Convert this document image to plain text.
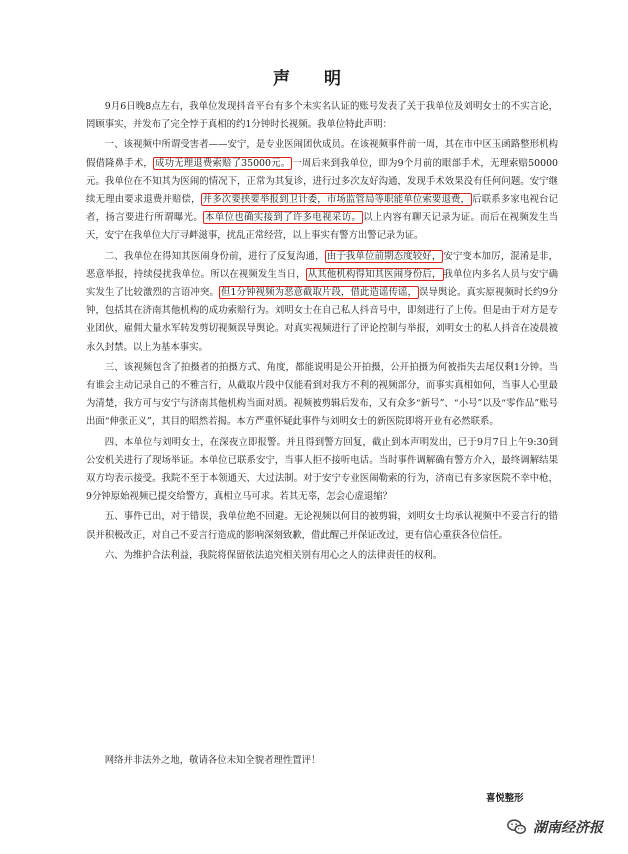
声 明

9月6日晚8点左右，我单位发现抖音平台有多个未实名认证的账号发表了关于我单位及刘明女士的不实言论，罔顾事实，并发布了完全悖于真相的约1分钟时长视频。我单位特此声明：

一、该视频中所谓受害者——安宁，是专业医闹团伙成员。在该视频事件前一周，其在市中区玉函路整形机构假借隆鼻手术， 成功无理退费索赔了35000元。 一周后来到我单位，即为9个月前的眼部手术，无理索赔50000元。我单位在不知其为医闹的情况下，正常为其复诊，进行过多次友好沟通，发现手术效果没有任何问题。安宁继续无理由要求退费并赔偿， 并多次要挟要举报到卫计委，市场监管局等职能单位索要退费， 后联系多家电视台记者，扬言要进行所谓曝光。 本单位也确实接到了许多电视采访。 以上内容有聊天记录为证。而后在视频发生当天，安宁在我单位大厅寻衅滋事，扰乱正常经营，以上事实有警方出警记录为证。

二、我单位在得知其医闹身份前，进行了反复沟通， 由于我单位前期态度较好， 安宁变本加厉，混淆是非，恶意举报，持续侵扰我单位。所以在视频发生当日， 从其他机构得知其医闹身份后， 我单位内多名人员与安宁确实发生了比较激烈的言语冲突。 但1分钟视频为恶意截取片段，借此造谣传谣， 误导舆论。真实原视频时长约9分钟，包括其在济南其他机构的成功索赔行为。刘明女士在自己私人抖音号中，即刻进行了上传。但是由于对方是专业团伙，雇佣大量水军转发剪切视频误导舆论。对真实视频进行了评论控制与举报，刘明女士的私人抖音在凌晨被永久封禁。以上为基本事实。

三、该视频包含了拍摄者的拍摄方式、角度，都能说明是公开拍摄，公开拍摄为何被指失去尾仅剩1分钟。当有谁会主动记录自己的不雅言行，从截取片段中仅能看到对我方不利的视频部分，而事实真相如何，当事人心里最为清楚，我方可与安宁与济南其他机构当面对质。视频被剪辑后发布，又有众多“新号”、“小号”以及“零作品”账号出面“伸张正义”，其目的昭然若揭。本方严重怀疑此事件与刘明女士的新医院即将开业有必然联系。

四、本单位与刘明女士，在深夜立即报警。并且得到警方回复，截止到本声明发出，已于9月7日上午9:30到公安机关进行了现场举证。本单位已联系安宁，当事人拒不接听电话。当时事件调解确有警方介入，最终调解结果双方均表示接受。我院不至于本领通天、大过法制。对于安宁专业医闹勒索的行为，济南已有多家医院不幸中枪，9分钟原始视频已提交给警方，真相立马可求。若其无辜，怎会心虚退缩？

五、事件已出，对于错误，我单位绝不回避。无论视频以何目的被剪辑，刘明女士均承认视频中不妥言行的错误并积极改正，对自己不妥言行造成的影响深刻致歉，借此醒己并保证改过，更有信心重获各位信任。

六、为维护合法利益，我院将保留依法追究相关别有用心之人的法律责任的权利。

网络并非法外之地，敬请各位未知全貌者理性置评！
喜悦整形
湖南经济报
